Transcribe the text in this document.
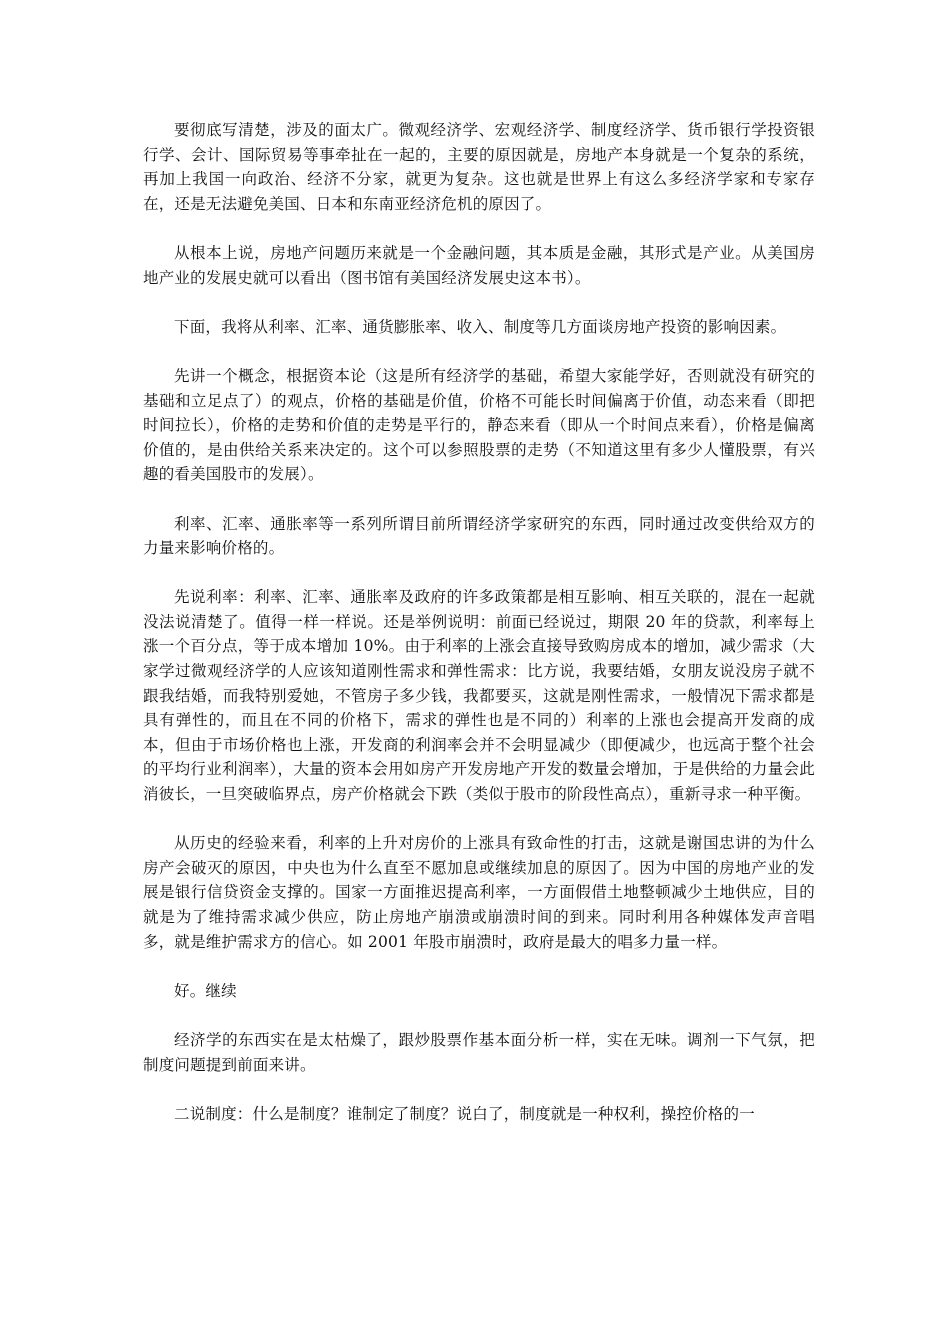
要彻底写清楚，涉及的面太广。微观经济学、宏观经济学、制度经济学、货币银行学投资银行学、会计、国际贸易等事牵扯在一起的，主要的原因就是，房地产本身就是一个复杂的系统，再加上我国一向政治、经济不分家，就更为复杂。这也就是世界上有这么多经济学家和专家存在，还是无法避免美国、日本和东南亚经济危机的原因了。

从根本上说，房地产问题历来就是一个金融问题，其本质是金融，其形式是产业。从美国房地产业的发展史就可以看出（图书馆有美国经济发展史这本书）。

下面，我将从利率、汇率、通货膨胀率、收入、制度等几方面谈房地产投资的影响因素。

先讲一个概念，根据资本论（这是所有经济学的基础，希望大家能学好，否则就没有研究的基础和立足点了）的观点，价格的基础是价值，价格不可能长时间偏离于价值，动态来看（即把时间拉长），价格的走势和价值的走势是平行的，静态来看（即从一个时间点来看），价格是偏离价值的，是由供给关系来决定的。这个可以参照股票的走势（不知道这里有多少人懂股票，有兴趣的看美国股市的发展）。

利率、汇率、通胀率等一系列所谓目前所谓经济学家研究的东西，同时通过改变供给双方的力量来影响价格的。

先说利率：利率、汇率、通胀率及政府的许多政策都是相互影响、相互关联的，混在一起就没法说清楚了。值得一样一样说。还是举例说明：前面已经说过，期限 20 年的贷款，利率每上涨一个百分点，等于成本增加 10%。由于利率的上涨会直接导致购房成本的增加，减少需求（大家学过微观经济学的人应该知道刚性需求和弹性需求：比方说，我要结婚，女朋友说没房子就不跟我结婚，而我特别爱她，不管房子多少钱，我都要买，这就是刚性需求，一般情况下需求都是具有弹性的，而且在不同的价格下，需求的弹性也是不同的）利率的上涨也会提高开发商的成本，但由于市场价格也上涨，开发商的利润率会并不会明显减少（即便减少，也远高于整个社会的平均行业利润率），大量的资本会用如房产开发房地产开发的数量会增加，于是供给的力量会此消彼长，一旦突破临界点，房产价格就会下跌（类似于股市的阶段性高点），重新寻求一种平衡。

从历史的经验来看，利率的上升对房价的上涨具有致命性的打击，这就是谢国忠讲的为什么房产会破灭的原因，中央也为什么直至不愿加息或继续加息的原因了。因为中国的房地产业的发展是银行信贷资金支撑的。国家一方面推迟提高利率，一方面假借土地整顿减少土地供应，目的就是为了维持需求减少供应，防止房地产崩溃或崩溃时间的到来。同时利用各种媒体发声音唱多，就是维护需求方的信心。如 2001 年股市崩溃时，政府是最大的唱多力量一样。

好。继续

经济学的东西实在是太枯燥了，跟炒股票作基本面分析一样，实在无味。调剂一下气氛，把制度问题提到前面来讲。

二说制度：什么是制度？谁制定了制度？说白了，制度就是一种权利，操控价格的一
